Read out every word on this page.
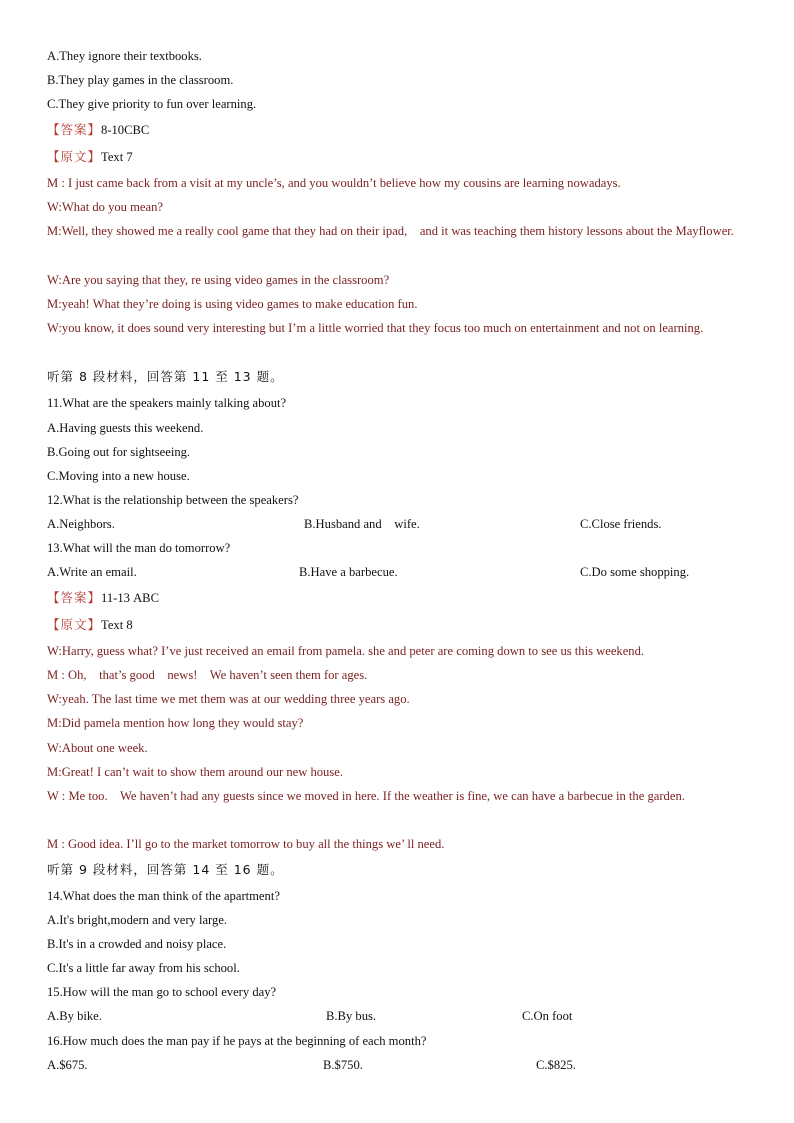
A.They ignore their textbooks.
B.They play games in the classroom.
C.They give priority to fun over learning.
【答案】8-10CBC
【原文】Text 7
M : I just came back from a visit at my uncle’s, and you wouldn’t believe how my cousins are learning nowadays.
W:What do you mean?
M:Well, they showed me a really cool game that they had on their ipad,    and it was teaching them history lessons about the Mayflower.
W:Are you saying that they, re using video games in the classroom?
M:yeah! What they’re doing is using video games to make education fun.
W:you know, it does sound very interesting but I’m a little worried that they focus too much on entertainment and not on learning.
听第 8 段材料，回答第 11 至 13 题。
11.What are the speakers mainly talking about?
A.Having guests this weekend.
B.Going out for sightseeing.
C.Moving into a new house.
12.What is the relationship between the speakers?
A.Neighbors.	B.Husband and    wife.	C.Close friends.
13.What will the man do tomorrow?
A.Write an email.	B.Have a barbecue.	C.Do some shopping.
【答案】11-13 ABC
【原文】Text 8
W:Harry, guess what? I’ve just received an email from pamela. she and peter are coming down to see us this weekend.
M : Oh,    that’s good    news!    We haven’t seen them for ages.
W:yeah. The last time we met them was at our wedding three years ago.
M:Did pamela mention how long they would stay?
W:About one week.
M:Great! I can’t wait to show them around our new house.
W : Me too.    We haven’t had any guests since we moved in here. If the weather is fine, we can have a barbecue in the garden.
M : Good idea. I’ll go to the market tomorrow to buy all the things we’ ll need.
听第 9 段材料，回答第 14 至 16 题。
14.What does the man think of the apartment?
A.It's bright,modern and very large.
B.It's in a crowded and noisy place.
C.It's a little far away from his school.
15.How will the man go to school every day?
A.By bike.	B.By bus.	C.On foot
16.How much does the man pay if he pays at the beginning of each month?
A.$675.	B.$750.	C.$825.
